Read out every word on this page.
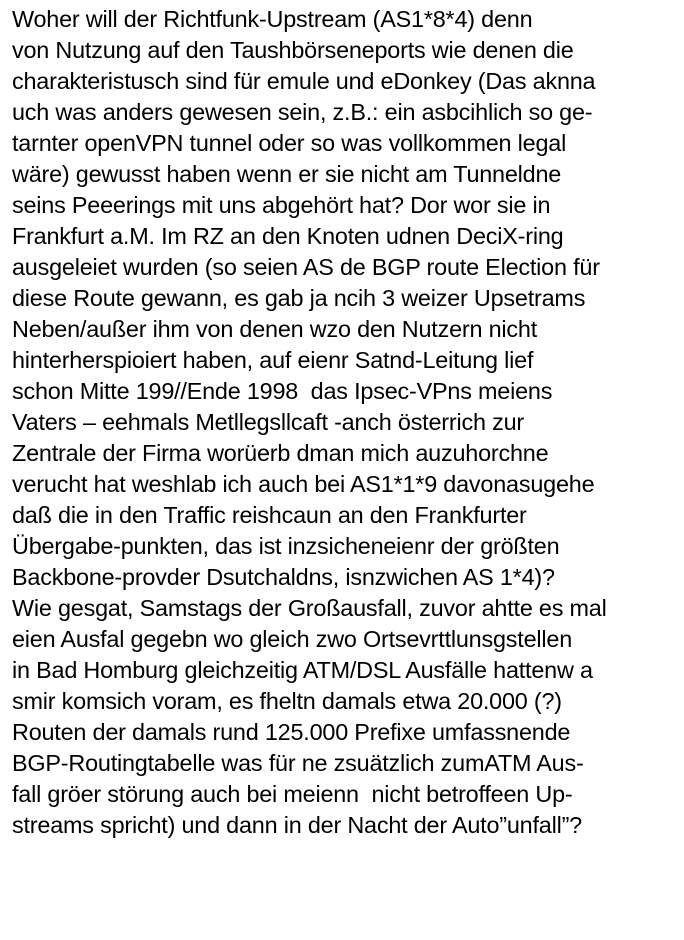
Woher will der Richtfunk-Upstream (AS1*8*4) denn
von Nutzung auf den Taushbörseneports wie denen die
charakteristusch sind für emule und eDonkey (Das aknna
uch was anders gewesen sein, z.B.: ein asbcihlich so ge-
tarnter openVPN tunnel oder so was vollkommen legal
wäre) gewusst haben wenn er sie nicht am Tunneldne
seins Peeerings mit uns abgehört hat? Dor wor sie in
Frankfurt a.M. Im RZ an den Knoten udnen DeciX-ring
ausgeleiet wurden (so seien AS de BGP route Election für
diese Route gewann, es gab ja ncih 3 weizer Upsetrams
Neben/außer ihm von denen wzo den Nutzern nicht
hinterherspioiert haben, auf eienr Satnd-Leitung lief
schon Mitte 199//Ende 1998  das Ipsec-VPns meiens
Vaters – eehmals Metllegsllcaft -anch österrich zur
Zentrale der Firma worüerb dman mich auzuhorchne
verucht hat weshlab ich auch bei AS1*1*9 davonasugehe
daß die in den Traffic reishcaun an den Frankfurter
Übergabe-punkten, das ist inzsicheneienr der größten
Backbone-provder Dsutchaldns, isnzwichen AS 1*4)?
Wie gesgat, Samstags der Großausfall, zuvor ahtte es mal
eien Ausfal gegebn wo gleich zwo Ortsevrttlunsgstellen
in Bad Homburg gleichzeitig ATM/DSL Ausfälle hattenw a
smir komsich voram, es fheltn damals etwa 20.000 (?)
Routen der damals rund 125.000 Prefixe umfassnende
BGP-Routingtabelle was für ne zsuätzlich zumATM Aus-
fall gröer störung auch bei meienn  nicht betroffeen Up-
streams spricht) und dann in der Nacht der Auto”unfall”?
